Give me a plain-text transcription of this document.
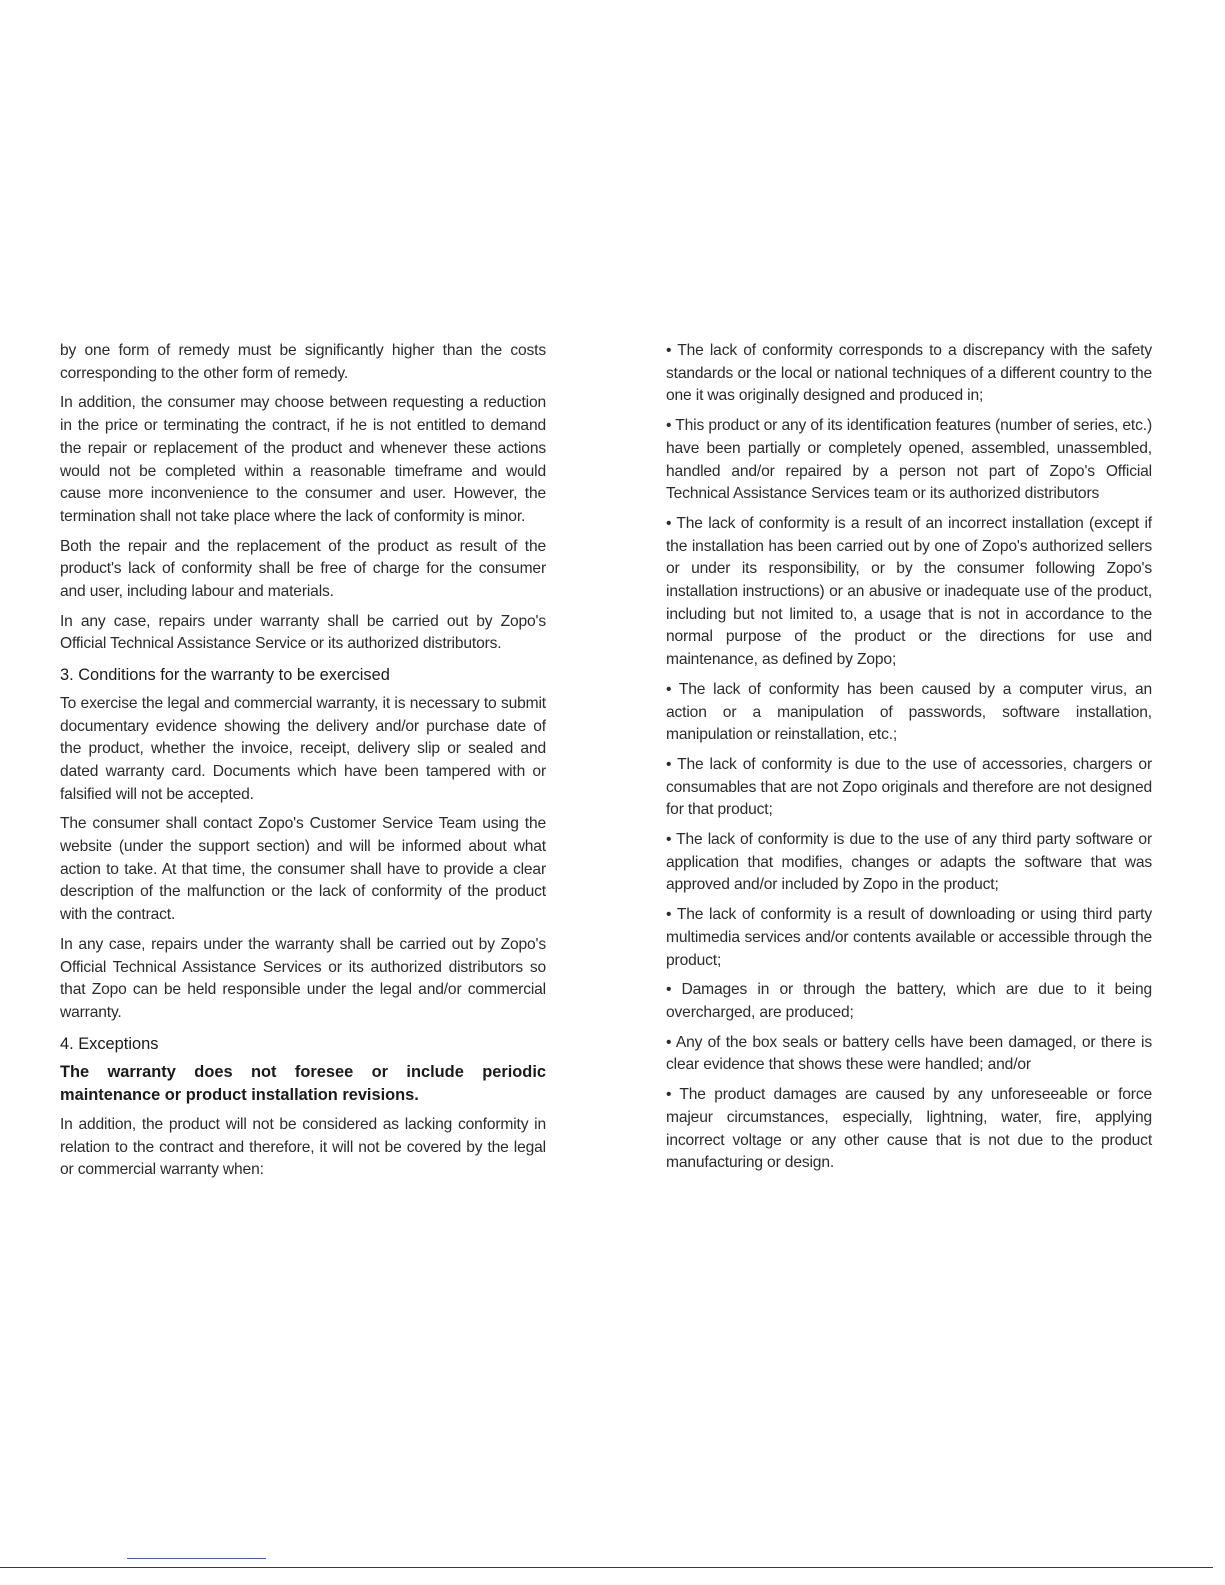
by one form of remedy must be significantly higher than the costs corresponding to the other form of remedy.

In addition, the consumer may choose between requesting a reduction in the price or terminating the contract, if he is not entitled to demand the repair or replacement of the product and whenever these actions would not be completed within a reasonable timeframe and would cause more inconvenience to the consumer and user. However, the termination shall not take place where the lack of conformity is minor.

Both the repair and the replacement of the product as result of the product's lack of conformity shall be free of charge for the consumer and user, including labour and materials.

In any case, repairs under warranty shall be carried out by Zopo's Official Technical Assistance Service or its authorized distributors.

3. Conditions for the warranty to be exercised

To exercise the legal and commercial warranty, it is necessary to submit documentary evidence showing the delivery and/or purchase date of the product, whether the invoice, receipt, delivery slip or sealed and dated warranty card. Documents which have been tampered with or falsified will not be accepted.

The consumer shall contact Zopo's Customer Service Team using the website (under the support section) and will be informed about what action to take. At that time, the consumer shall have to provide a clear description of the malfunction or the lack of conformity of the product with the contract.

In any case, repairs under the warranty shall be carried out by Zopo's Official Technical Assistance Services or its authorized distributors so that Zopo can be held responsible under the legal and/or commercial warranty.

4. Exceptions

The warranty does not foresee or include periodic maintenance or product installation revisions.

In addition, the product will not be considered as lacking conformity in relation to the contract and therefore, it will not be covered by the legal or commercial warranty when:

• The lack of conformity corresponds to a discrepancy with the safety standards or the local or national techniques of a different country to the one it was originally designed and produced in;

• This product or any of its identification features (number of series, etc.) have been partially or completely opened, assembled, unassembled, handled and/or repaired by a person not part of Zopo's Official Technical Assistance Services team or its authorized distributors

• The lack of conformity is a result of an incorrect installation (except if the installation has been carried out by one of Zopo's authorized sellers or under its responsibility, or by the consumer following Zopo's installation instructions) or an abusive or inadequate use of the product, including but not limited to, a usage that is not in accordance to the normal purpose of the product or the directions for use and maintenance, as defined by Zopo;

• The lack of conformity has been caused by a computer virus, an action or a manipulation of passwords, software installation, manipulation or reinstallation, etc.;

• The lack of conformity is due to the use of accessories, chargers or consumables that are not Zopo originals and therefore are not designed for that product;

• The lack of conformity is due to the use of any third party software or application that modifies, changes or adapts the software that was approved and/or included by Zopo in the product;

• The lack of conformity is a result of downloading or using third party multimedia services and/or contents available or accessible through the product;

• Damages in or through the battery, which are due to it being overcharged, are produced;

• Any of the box seals or battery cells have been damaged, or there is clear evidence that shows these were handled; and/or

• The product damages are caused by any unforeseeable or force majeur circumstances, especially, lightning, water, fire, applying incorrect voltage or any other cause that is not due to the product manufacturing or design.
